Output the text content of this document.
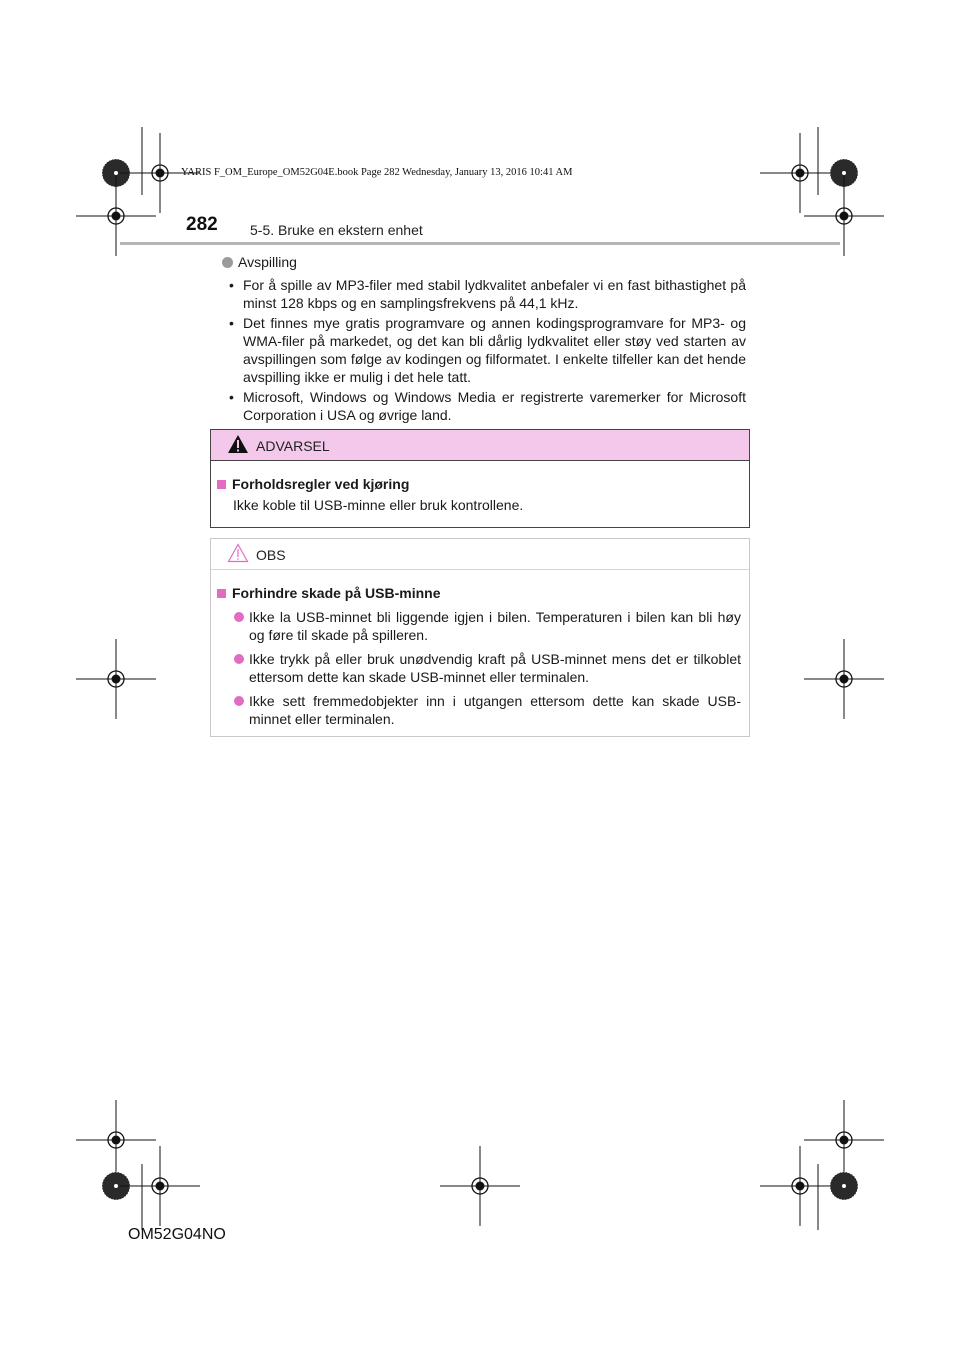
YARIS F_OM_Europe_OM52G04E.book Page 282 Wednesday, January 13, 2016 10:41 AM
282 5-5. Bruke en ekstern enhet
Avspilling
• For å spille av MP3-filer med stabil lydkvalitet anbefaler vi en fast bithastighet på minst 128 kbps og en samplingsfrekvens på 44,1 kHz.
• Det finnes mye gratis programvare og annen kodingsprogramvare for MP3- og WMA-filer på markedet, og det kan bli dårlig lydkvalitet eller støy ved starten av avspillingen som følge av kodingen og filformatet. I enkelte tilfeller kan det hende avspilling ikke er mulig i det hele tatt.
• Microsoft, Windows og Windows Media er registrerte varemerker for Microsoft Corporation i USA og øvrige land.
ADVARSEL
Forholdsregler ved kjøring
Ikke koble til USB-minne eller bruk kontrollene.
OBS
Forhindre skade på USB-minne
Ikke la USB-minnet bli liggende igjen i bilen. Temperaturen i bilen kan bli høy og føre til skade på spilleren.
Ikke trykk på eller bruk unødvendig kraft på USB-minnet mens det er tilkoblet ettersom dette kan skade USB-minnet eller terminalen.
Ikke sett fremmedobjekter inn i utgangen ettersom dette kan skade USB-minnet eller terminalen.
OM52G04NO
